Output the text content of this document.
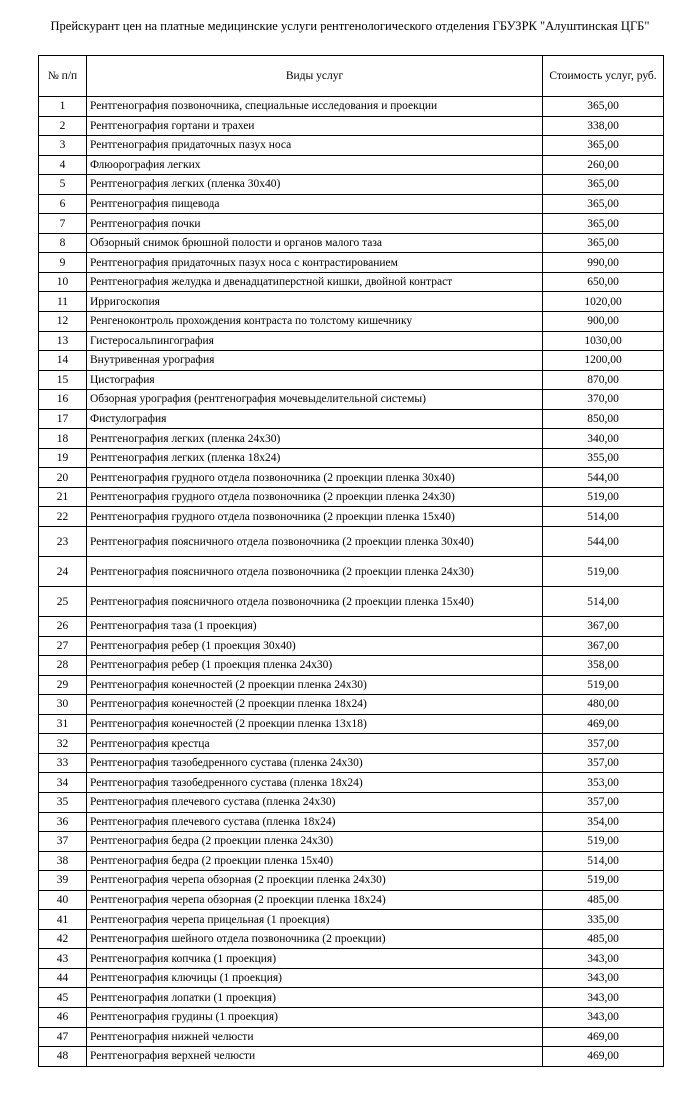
Прейскурант цен на платные медицинские услуги рентгенологического отделения ГБУЗРК "Алуштинская ЦГБ"
№ п/п	Виды услуг	Стоимость услуг, руб.
1	Рентгенография позвоночника, специальные исследования и проекции	365,00
2	Рентгенография гортани и трахеи	338,00
3	Рентгенография придаточных пазух носа	365,00
4	Флюорография легких	260,00
5	Рентгенография легких (пленка 30х40)	365,00
6	Рентгенография пищевода	365,00
7	Рентгенография почки	365,00
8	Обзорный снимок брюшной полости и органов малого таза	365,00
9	Рентгенография придаточных пазух носа с контрастированием	990,00
10	Рентгенография желудка и двенадцатиперстной кишки, двойной контраст	650,00
11	Ирригоскопия	1020,00
12	Ренгеноконтроль прохождения контраста по толстому кишечнику	900,00
13	Гистеросальпингография	1030,00
14	Внутривенная урография	1200,00
15	Цистография	870,00
16	Обзорная урография (рентгенография мочевыделительной системы)	370,00
17	Фистулография	850,00
18	Рентгенография легких (пленка 24х30)	340,00
19	Рентгенография легких (пленка 18х24)	355,00
20	Рентгенография грудного отдела позвоночника (2 проекции пленка 30х40)	544,00
21	Рентгенография грудного отдела позвоночника (2 проекции пленка 24х30)	519,00
22	Рентгенография грудного отдела позвоночника (2 проекции пленка 15х40)	514,00
23	Рентгенография поясничного отдела позвоночника (2 проекции пленка 30х40)	544,00
24	Рентгенография поясничного отдела позвоночника (2 проекции пленка 24х30)	519,00
25	Рентгенография поясничного отдела позвоночника (2 проекции пленка 15х40)	514,00
26	Рентгенография таза (1 проекция)	367,00
27	Рентгенография ребер (1 проекция 30х40)	367,00
28	Рентгенография ребер (1 проекция пленка 24х30)	358,00
29	Рентгенография конечностей (2 проекции пленка 24х30)	519,00
30	Рентгенография конечностей (2 проекции пленка 18х24)	480,00
31	Рентгенография конечностей (2 проекции пленка 13х18)	469,00
32	Рентгенография крестца	357,00
33	Рентгенография тазобедренного сустава (пленка 24х30)	357,00
34	Рентгенография тазобедренного сустава (пленка 18х24)	353,00
35	Рентгенография плечевого сустава (пленка 24х30)	357,00
36	Рентгенография плечевого сустава (пленка 18х24)	354,00
37	Рентгенография бедра (2 проекции пленка 24х30)	519,00
38	Рентгенография бедра (2 проекции пленка 15х40)	514,00
39	Рентгенография черепа обзорная (2 проекции пленка 24х30)	519,00
40	Рентгенография черепа обзорная (2 проекции пленка 18х24)	485,00
41	Рентгенография черепа прицельная (1 проекция)	335,00
42	Рентгенография шейного отдела позвоночника (2 проекции)	485,00
43	Рентгенография копчика (1 проекция)	343,00
44	Рентгенография ключицы (1 проекция)	343,00
45	Рентгенография лопатки (1 проекция)	343,00
46	Рентгенография грудины (1 проекция)	343,00
47	Рентгенография нижней челюсти	469,00
48	Рентгенография верхней челюсти	469,00
